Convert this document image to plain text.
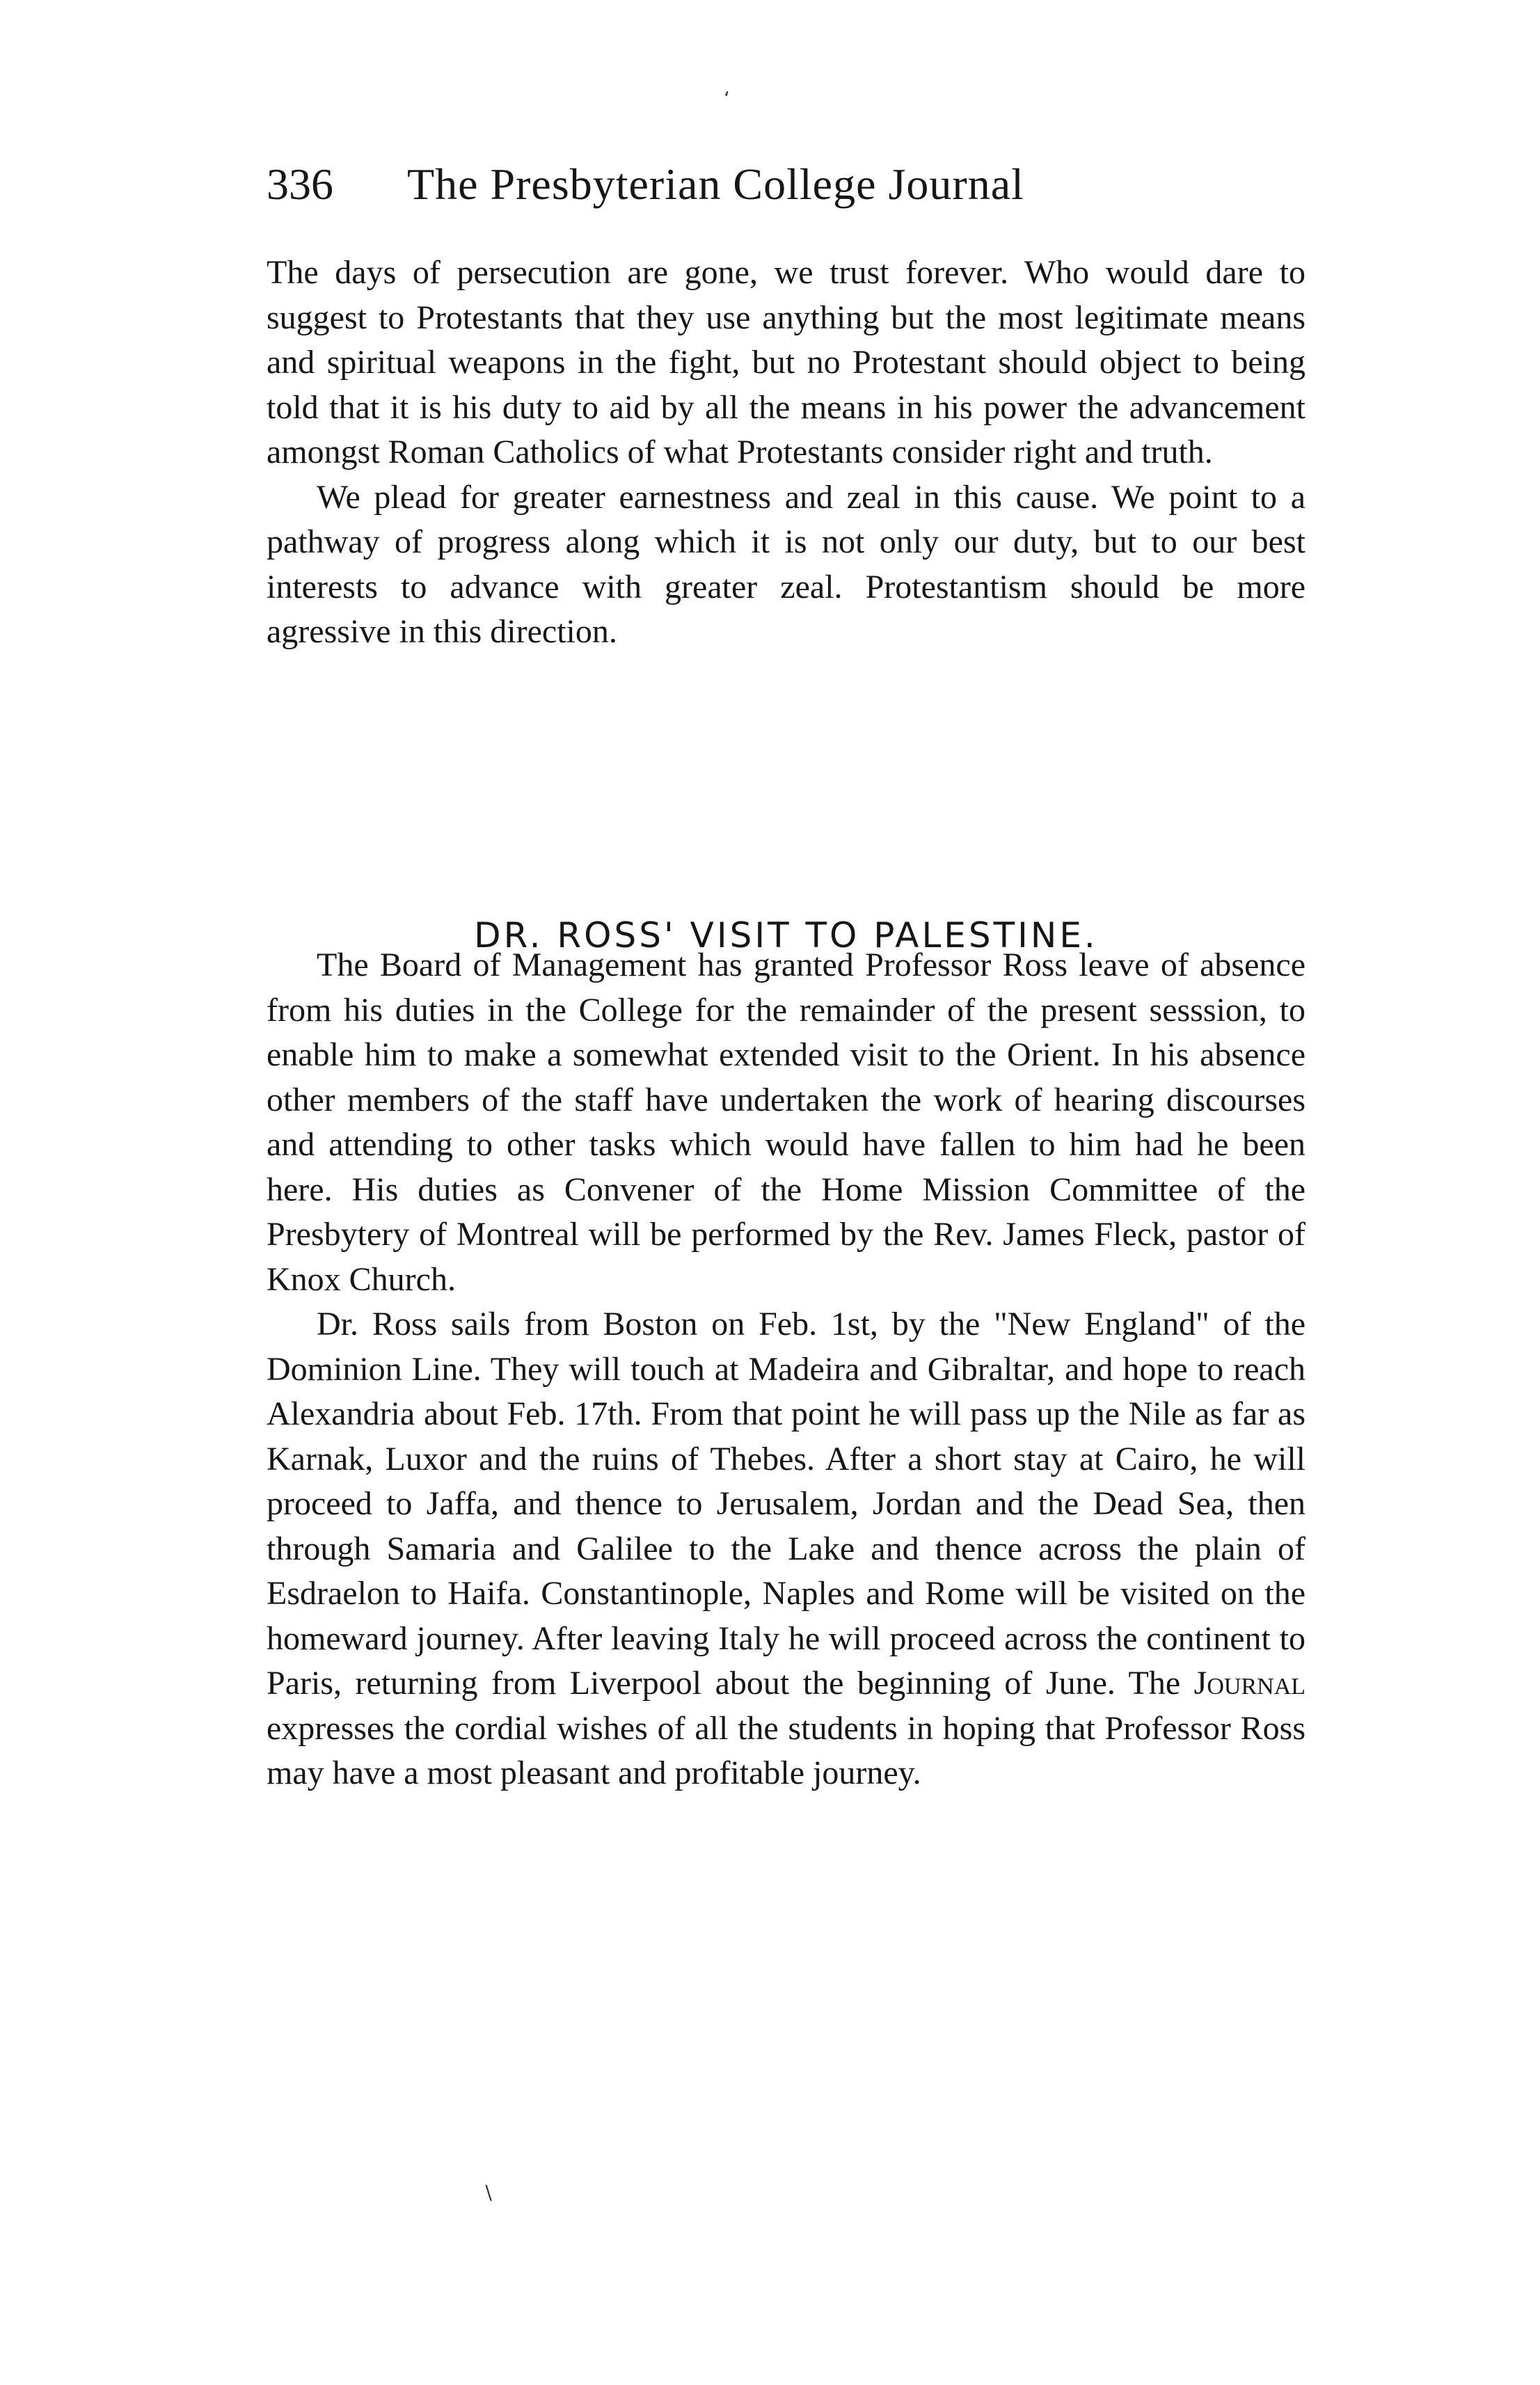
‘
336 The Presbyterian College Journal

The days of persecution are gone, we trust forever. Who would dare to suggest to Protestants that they use anything but the most legitimate means and spiritual weapons in the fight, but no Protestant should object to being told that it is his duty to aid by all the means in his power the advancement amongst Roman Catholics of what Protestants consider right and truth.

We plead for greater earnestness and zeal in this cause. We point to a pathway of progress along which it is not only our duty, but to our best interests to advance with greater zeal. Protestantism should be more agressive in this direction.

DR. ROSS' VISIT TO PALESTINE.

The Board of Management has granted Professor Ross leave of absence from his duties in the College for the remainder of the present sesssion, to enable him to make a somewhat extended visit to the Orient. In his absence other members of the staff have undertaken the work of hearing discourses and attending to other tasks which would have fallen to him had he been here. His duties as Convener of the Home Mission Committee of the Presbytery of Montreal will be performed by the Rev. James Fleck, pastor of Knox Church.

Dr. Ross sails from Boston on Feb. 1st, by the "New England" of the Dominion Line. They will touch at Madeira and Gibraltar, and hope to reach Alexandria about Feb. 17th. From that point he will pass up the Nile as far as Karnak, Luxor and the ruins of Thebes. After a short stay at Cairo, he will proceed to Jaffa, and thence to Jerusalem, Jordan and the Dead Sea, then through Samaria and Galilee to the Lake and thence across the plain of Esdraelon to Haifa. Constantinople, Naples and Rome will be visited on the homeward journey. After leaving Italy he will proceed across the continent to Paris, returning from Liverpool about the beginning of June. The Journal expresses the cordial wishes of all the students in hoping that Professor Ross may have a most pleasant and profitable journey.

∖
